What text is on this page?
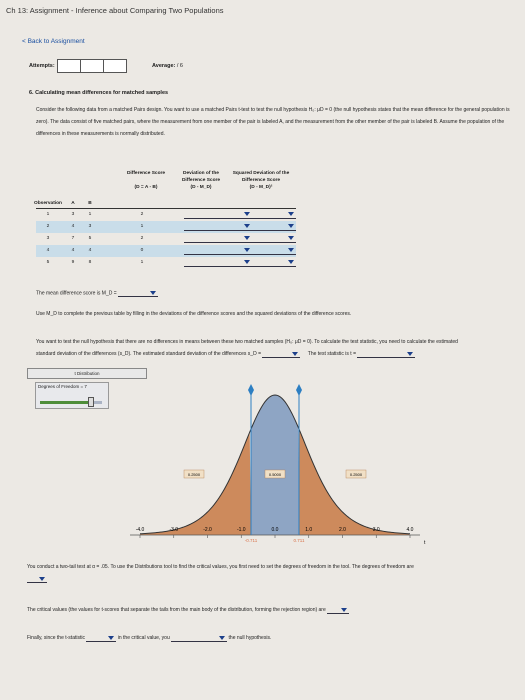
Ch 13: Assignment - Inference about Comparing Two Populations
< Back to Assignment
Attempts:	Average: / 6
6. Calculating mean differences for matched samples
Consider the following data from a matched Pairs design. You want to use a matched Pairs t-test to test the null hypothesis H₀: μD = 0 (the null hypothesis states that the mean difference for the general population is zero). The data consist of five matched pairs, where the measurement from one member of the pair is labeled A, and the measurement from the other member of the pair is labeled B. Assume the population of the differences in these measurements is normally distributed.
Difference Score	Deviation of the Difference Score
Squared Deviation of the Difference Score
(D = A - B)	(D - M_D)	(D - M_D)²
Observation	A	B
1	3	1	2
2	4	3	1
3	7	5	2
4	4	4	0
5	9	8	1
The mean difference score is M_D =
Use M_D to complete the previous table by filling in the deviations of the difference scores and the squared deviations of the difference scores.
You want to test the null hypothesis that there are no differences in means between these two matched samples (H₀: μD = 0). To calculate the test statistic, you need to calculate the estimated
standard deviation of the differences (s_D). The estimated standard deviation of the differences s_D =	The test statistic is t =
t Distribution
Degrees of Freedom = 7
-4.0	-3.0	-2.0	-1.0	0.0	1.0	2.0	3.0	4.0
-0.711	0.711
0.2500	0.5000	0.2500
t
You conduct a two-tail test at α = .05. To use the Distributions tool to find the critical values, you first need to set the degrees of freedom in the tool. The degrees of freedom are
The critical values (the values for t-scores that separate the tails from the main body of the distribution, forming the rejection region) are
Finally, since the t-statistic	in the critical value, you	the null hypothesis.
